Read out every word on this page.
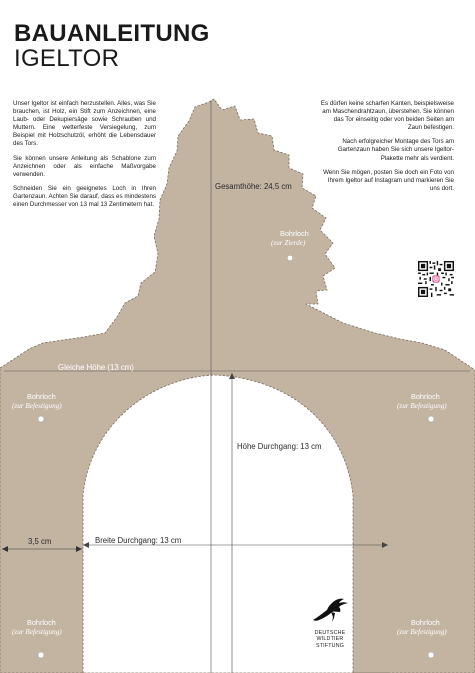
BAUANLEITUNG
IGELTOR
Gesamthöhe: 24,5 cm
Bohrloch
(zur Zierde)
Gleiche Höhe (13 cm)
Bohrloch
(zur Befestigung)
Bohrloch
(zur Befestigung)
Höhe Durchgang: 13 cm
Breite Durchgang: 13 cm
3,5 cm
Bohrloch
(zur Befestigung)
Bohrloch
(zur Befestigung)

Unser Igeltor ist einfach herzustellen. Alles, was Sie brauchen, ist Holz, ein Stift zum Anzeichnen, eine Laub- oder Dekupiersäge sowie Schrauben und Muttern. Eine wetterfeste Versiegelung, zum Beispiel mit Holzschutzöl, erhöht die Lebensdauer des Tors.

Sie können unsere Anleitung als Schablone zum Anzeichnen oder als einfache Maßvorgabe verwenden.

Schneiden Sie ein geeignetes Loch in Ihren Gartenzaun. Achten Sie darauf, dass es mindestens einen Durchmesser von 13 mal 13 Zentimetern hat.

Es dürfen keine scharfen Kanten, beispielsweise am Maschendrahtzaun, überstehen. Sie können das Tor einseitig oder von beiden Seiten am Zaun befestigen.

Nach erfolgreicher Montage des Tors am Gartenzaun haben Sie sich unsere Igeltor-Plakette mehr als verdient.

Wenn Sie mögen, posten Sie doch ein Foto von Ihrem Igeltor auf Instagram und markieren Sie uns dort.

DEUTSCHE
WILDTIER
STIFTUNG
